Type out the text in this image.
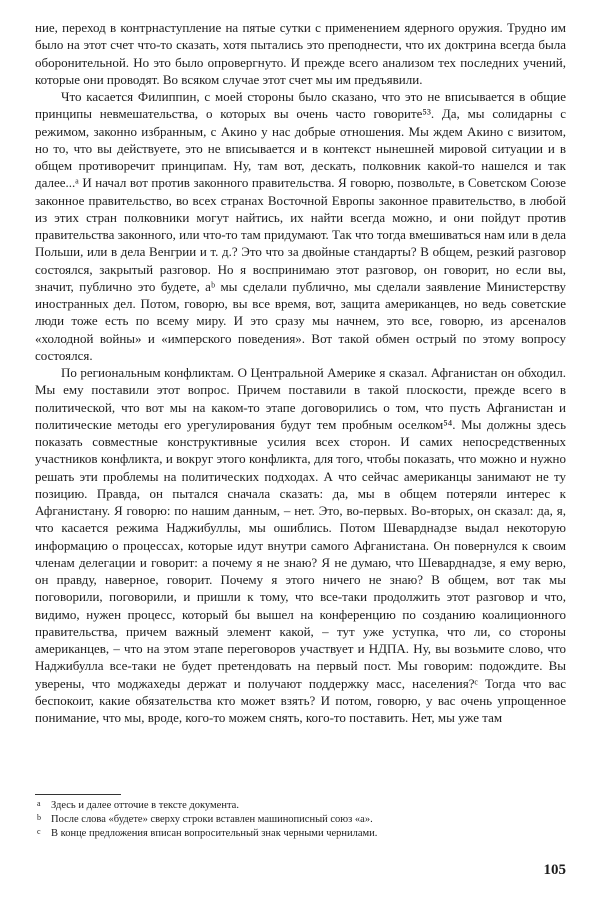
ние, переход в контрнаступление на пятые сутки с применением ядерного оружия. Трудно им было на этот счет что-то сказать, хотя пытались это преподнести, что их доктрина всегда была оборонительной. Но это было опровергнуто. И прежде всего анализом тех последних учений, которые они проводят. Во всяком случае этот счет мы им предъявили.

Что касается Филиппин, с моей стороны было сказано, что это не вписывается в общие принципы невмешательства, о которых вы очень часто говорите⁵³. Да, мы солидарны с режимом, законно избранным, с Акино у нас добрые отношения. Мы ждем Акино с визитом, но то, что вы действуете, это не вписывается и в контекст нынешней мировой ситуации и в общем противоречит принципам. Ну, там вот, дескать, полковник какой-то нашелся и так далее...ᵃ И начал вот против законного правительства. Я говорю, позвольте, в Советском Союзе законное правительство, во всех странах Восточной Европы законное правительство, в любой из этих стран полковники могут найтись, их найти всегда можно, и они пойдут против правительства законного, или что-то там придумают. Так что тогда вмешиваться нам или в дела Польши, или в дела Венгрии и т. д.? Это что за двойные стандарты? В общем, резкий разговор состоялся, закрытый разговор. Но я воспринимаю этот разговор, он говорит, но если вы, значит, публично это будете, аᵇ мы сделали публично, мы сделали заявление Министерству иностранных дел. Потом, говорю, вы все время, вот, защита американцев, но ведь советские люди тоже есть по всему миру. И это сразу мы начнем, это все, говорю, из арсеналов «холодной войны» и «имперского поведения». Вот такой обмен острый по этому вопросу состоялся.

По региональным конфликтам. О Центральной Америке я сказал. Афганистан он обходил. Мы ему поставили этот вопрос. Причем поставили в такой плоскости, прежде всего в политической, что вот мы на каком-то этапе договорились о том, что пусть Афганистан и политические методы его урегулирования будут тем пробным оселком⁵⁴. Мы должны здесь показать совместные конструктивные усилия всех сторон. И самих непосредственных участников конфликта, и вокруг этого конфликта, для того, чтобы показать, что можно и нужно решать эти проблемы на политических подходах. А что сейчас американцы занимают не ту позицию. Правда, он пытался сначала сказать: да, мы в общем потеряли интерес к Афганистану. Я говорю: по нашим данным, – нет. Это, во-первых. Во-вторых, он сказал: да, я, что касается режима Наджибуллы, мы ошиблись. Потом Шеварднадзе выдал некоторую информацию о процессах, которые идут внутри самого Афганистана. Он повернулся к своим членам делегации и говорит: а почему я не знаю? Я не думаю, что Шеварднадзе, я ему верю, он правду, наверное, говорит. Почему я этого ничего не знаю? В общем, вот так мы поговорили, поговорили, и пришли к тому, что все-таки продолжить этот разговор и что, видимо, нужен процесс, который бы вышел на конференцию по созданию коалиционного правительства, причем важный элемент какой, – тут уже уступка, что ли, со стороны американцев, – что на этом этапе переговоров участвует и НДПА. Ну, вы возьмите слово, что Наджибулла все-таки не будет претендовать на первый пост. Мы говорим: подождите. Вы уверены, что моджахеды держат и получают поддержку масс, населения?ᶜ Тогда что вас беспокоит, какие обязательства кто может взять? И потом, говорю, у вас очень упрощенное понимание, что мы, вроде, кого-то можем снять, кого-то поставить. Нет, мы уже там

a Здесь и далее отточие в тексте документа.
b После слова «будете» сверху строки вставлен машинописный союз «а».
c В конце предложения вписан вопросительный знак черными чернилами.
105
